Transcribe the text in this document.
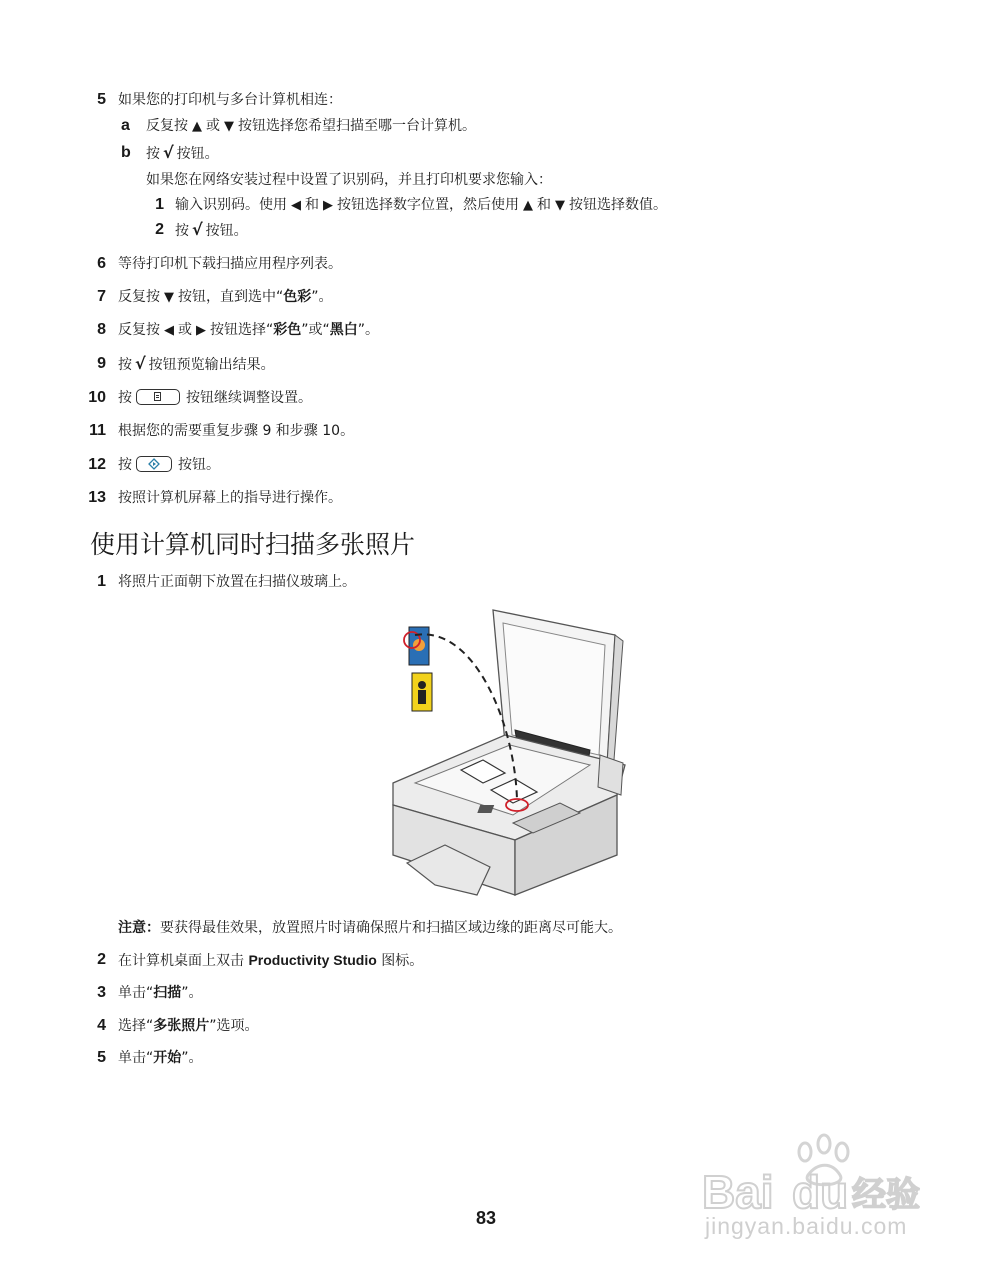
5 如果您的打印机与多台计算机相连：
a	反复按 ▲ 或 ▼ 按钮选择您希望扫描至哪一台计算机。
b	按 √ 按钮。
如果您在网络安装过程中设置了识别码，并且打印机要求您输入：
1 输入识别码。使用 ◀ 和 ▶ 按钮选择数字位置，然后使用 ▲ 和 ▼ 按钮选择数值。
2 按 √ 按钮。
6 等待打印机下载扫描应用程序列表。
7 反复按 ▼ 按钮，直到选中“色彩”。
8 反复按 ◀ 或 ▶ 按钮选择“彩色”或“黑白”。
9 按 √ 按钮预览输出结果。
10 按	按钮继续调整设置。
11 根据您的需要重复步骤 9 和步骤 10。
12 按	按钮。
13 按照计算机屏幕上的指导进行操作。
使用计算机同时扫描多张照片
1 将照片正面朝下放置在扫描仪玻璃上。
注意：要获得最佳效果，放置照片时请确保照片和扫描区域边缘的距离尽可能大。
2 在计算机桌面上双击 Productivity Studio 图标。
3 单击“扫描”。
4 选择“多张照片”选项。
5 单击“开始”。
Bai du 经验
jingyan.baidu.com
83
